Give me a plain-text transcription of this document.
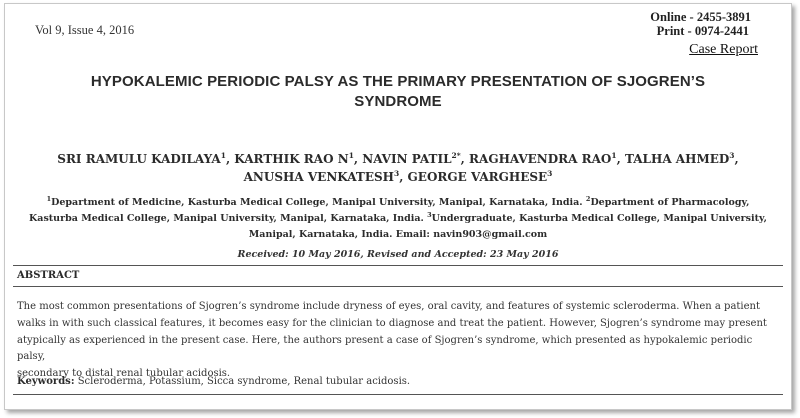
Vol 9, Issue 4, 2016
Online - 2455-3891
Print - 0974-2441
Case Report
HYPOKALEMIC PERIODIC PALSY AS THE PRIMARY PRESENTATION OF SJOGREN’S
SYNDROME
SRI RAMULU KADILAYA$^1$, KARTHIK RAO $N^1$, NAVIN $PATIL^{2*}$, RAGHAVENDRA RAO$^1$, TALHA AHMED$^3$,
ANUSHA VENKATESH$^3$, GEORGE VARGHESE$^3$
$^1$Department of Medicine, Kasturba Medical College, Manipal University, Manipal, Karnataka, India. $^2$Department of Pharmacology,
Kasturba Medical College, Manipal University, Manipal, Karnataka, India. $^3$Undergraduate, Kasturba Medical College, Manipal University,
Manipal, Karnataka, India. Email: navin903@gmail.com
Received: 10 May 2016, Revised and Accepted: 23 May 2016
ABSTRACT
The most common presentations of Sjogren’s syndrome include dryness of eyes, oral cavity, and features of systemic scleroderma. When a patient
walks in with such classical features, it becomes easy for the clinician to diagnose and treat the patient. However, Sjogren’s syndrome may present
atypically as experienced in the present case. Here, the authors present a case of Sjogren’s syndrome, which presented as hypokalemic periodic palsy,
secondary to distal renal tubular acidosis.
Keywords: Scleroderma, Potassium, Sicca syndrome, Renal tubular acidosis.
